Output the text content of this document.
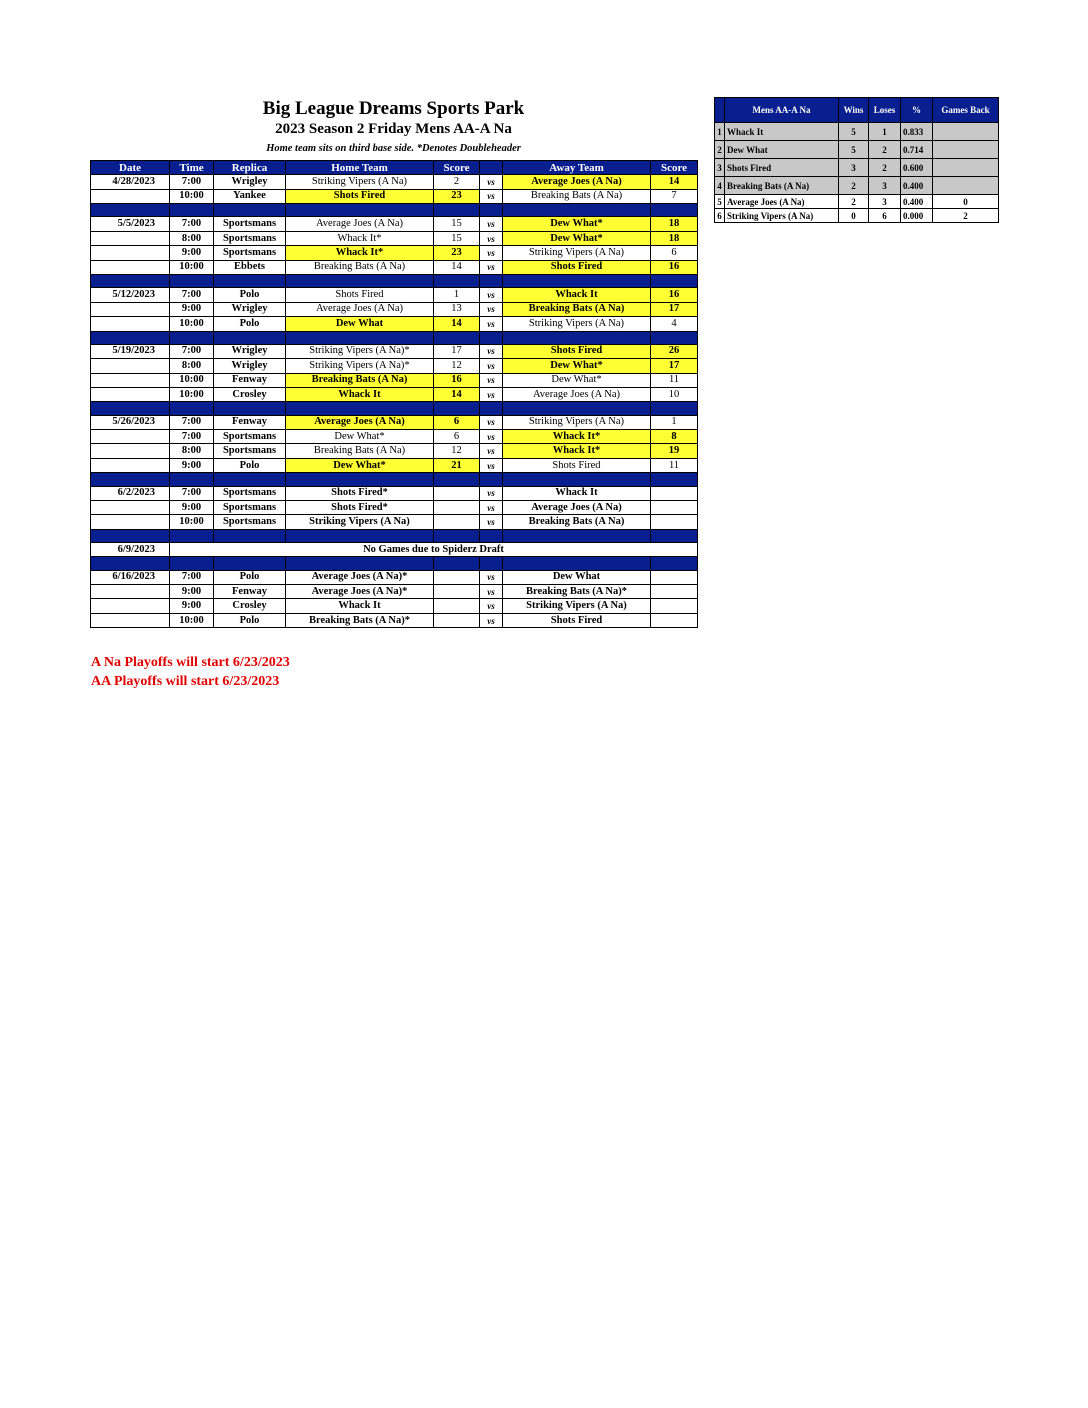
Big League Dreams Sports Park
2023 Season 2 Friday Mens AA-A Na
Home team sits on third base side. *Denotes Doubleheader
Date	Time	Replica	Home Team	Score		Away Team	Score
4/28/2023	7:00	Wrigley	Striking Vipers (A Na)	2	vs	Average Joes (A Na)	14
	10:00	Yankee	Shots Fired	23	vs	Breaking Bats (A Na)	7

5/5/2023	7:00	Sportsmans	Average Joes (A Na)	15	vs	Dew What*	18
	8:00	Sportsmans	Whack It*	15	vs	Dew What*	18
	9:00	Sportsmans	Whack It*	23	vs	Striking Vipers (A Na)	6
	10:00	Ebbets	Breaking Bats (A Na)	14	vs	Shots Fired	16

5/12/2023	7:00	Polo	Shots Fired	1	vs	Whack It	16
	9:00	Wrigley	Average Joes (A Na)	13	vs	Breaking Bats (A Na)	17
	10:00	Polo	Dew What	14	vs	Striking Vipers (A Na)	4

5/19/2023	7:00	Wrigley	Striking Vipers (A Na)*	17	vs	Shots Fired	26
	8:00	Wrigley	Striking Vipers (A Na)*	12	vs	Dew What*	17
	10:00	Fenway	Breaking Bats (A Na)	16	vs	Dew What*	11
	10:00	Crosley	Whack It	14	vs	Average Joes (A Na)	10

5/26/2023	7:00	Fenway	Average Joes (A Na)	6	vs	Striking Vipers (A Na)	1
	7:00	Sportsmans	Dew What*	6	vs	Whack It*	8
	8:00	Sportsmans	Breaking Bats (A Na)	12	vs	Whack It*	19
	9:00	Polo	Dew What*	21	vs	Shots Fired	11

6/2/2023	7:00	Sportsmans	Shots Fired*		vs	Whack It	
	9:00	Sportsmans	Shots Fired*		vs	Average Joes (A Na)	
	10:00	Sportsmans	Striking Vipers (A Na)		vs	Breaking Bats (A Na)	

6/9/2023	No Games due to Spiderz Draft						

6/16/2023	7:00	Polo	Average Joes (A Na)*		vs	Dew What	
	9:00	Fenway	Average Joes (A Na)*		vs	Breaking Bats (A Na)*	
	9:00	Crosley	Whack It		vs	Striking Vipers (A Na)	
	10:00	Polo	Breaking Bats (A Na)*		vs	Shots Fired	
A Na Playoffs will start 6/23/2023
AA Playoffs will start 6/23/2023
	Mens AA-A Na	Wins	Loses	%	Games Back
1	Whack It	5	1	0.833	
2	Dew What	5	2	0.714	
3	Shots Fired	3	2	0.600	
4	Breaking Bats (A Na)	2	3	0.400	
5	Average Joes (A Na)	2	3	0.400	0
6	Striking Vipers (A Na)	0	6	0.000	2
